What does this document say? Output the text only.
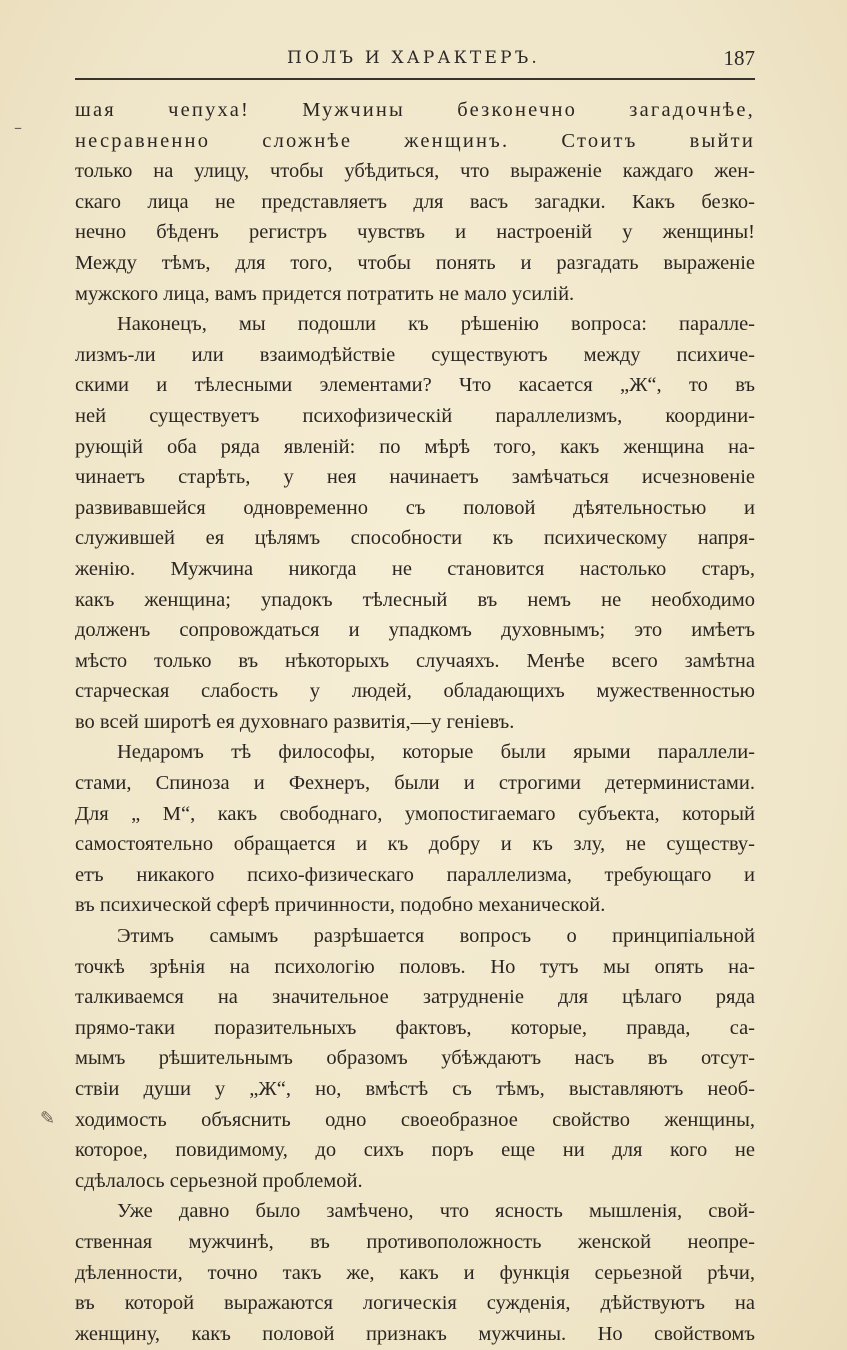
ПОЛЪ И ХАРАКТЕРЪ.	187
–
✎
шая чепуха! Мужчины безконечно загадочнѣе,
несравненно сложнѣе женщинъ. Стоитъ выйти
только на улицу, чтобы убѣдиться, что выраженіе каждаго жен-
скаго лица не представляетъ для васъ загадки. Какъ безко-
нечно бѣденъ регистръ чувствъ и настроеній у женщины!
Между тѣмъ, для того, чтобы понять и разгадать выраженіе
мужского лица, вамъ придется потратить не мало усилій.
Наконецъ, мы подошли къ рѣшенію вопроса: паралле-
лизмъ-ли или взаимодѣйствіе существуютъ между психиче-
скими и тѣлесными элементами? Что касается „Ж“, то въ
ней существуетъ психофизическій параллелизмъ, координи-
рующій оба ряда явленій: по мѣрѣ того, какъ женщина на-
чинаетъ старѣть, у нея начинаетъ замѣчаться исчезновеніе
развивавшейся одновременно съ половой дѣятельностью и
служившей ея цѣлямъ способности къ психическому напря-
женію. Мужчина никогда не становится настолько старъ,
какъ женщина; упадокъ тѣлесный въ немъ не необходимо
долженъ сопровождаться и упадкомъ духовнымъ; это имѣетъ
мѣсто только въ нѣкоторыхъ случаяхъ. Менѣе всего замѣтна
старческая слабость у людей, обладающихъ мужественностью
во всей широтѣ ея духовнаго развитія,—у геніевъ.
Недаромъ тѣ философы, которые были ярыми параллели-
стами, Спиноза и Фехнеръ, были и строгими детерминистами.
Для „ М“, какъ свободнаго, умопостигаемаго субъекта, который
самостоятельно обращается и къ добру и къ злу, не существу-
етъ никакого психо-физическаго параллелизма, требующаго и
въ психической сферѣ причинности, подобно механической.
Этимъ самымъ разрѣшается вопросъ о принципіальной
точкѣ зрѣнія на психологію половъ. Но тутъ мы опять на-
талкиваемся на значительное затрудненіе для цѣлаго ряда
прямо-таки поразительныхъ фактовъ, которые, правда, са-
мымъ рѣшительнымъ образомъ убѣждаютъ насъ въ отсут-
ствіи души у „Ж“, но, вмѣстѣ съ тѣмъ, выставляютъ необ-
ходимость объяснить одно своеобразное свойство женщины,
которое, повидимому, до сихъ поръ еще ни для кого не
сдѣлалось серьезной проблемой.
Уже давно было замѣчено, что ясность мышленія, свой-
ственная мужчинѣ, въ противоположность женской неопре-
дѣленности, точно такъ же, какъ и функція серьезной рѣчи,
въ которой выражаются логическія сужденія, дѣйствуютъ на
женщину, какъ половой признакъ мужчины. Но свойствомъ
